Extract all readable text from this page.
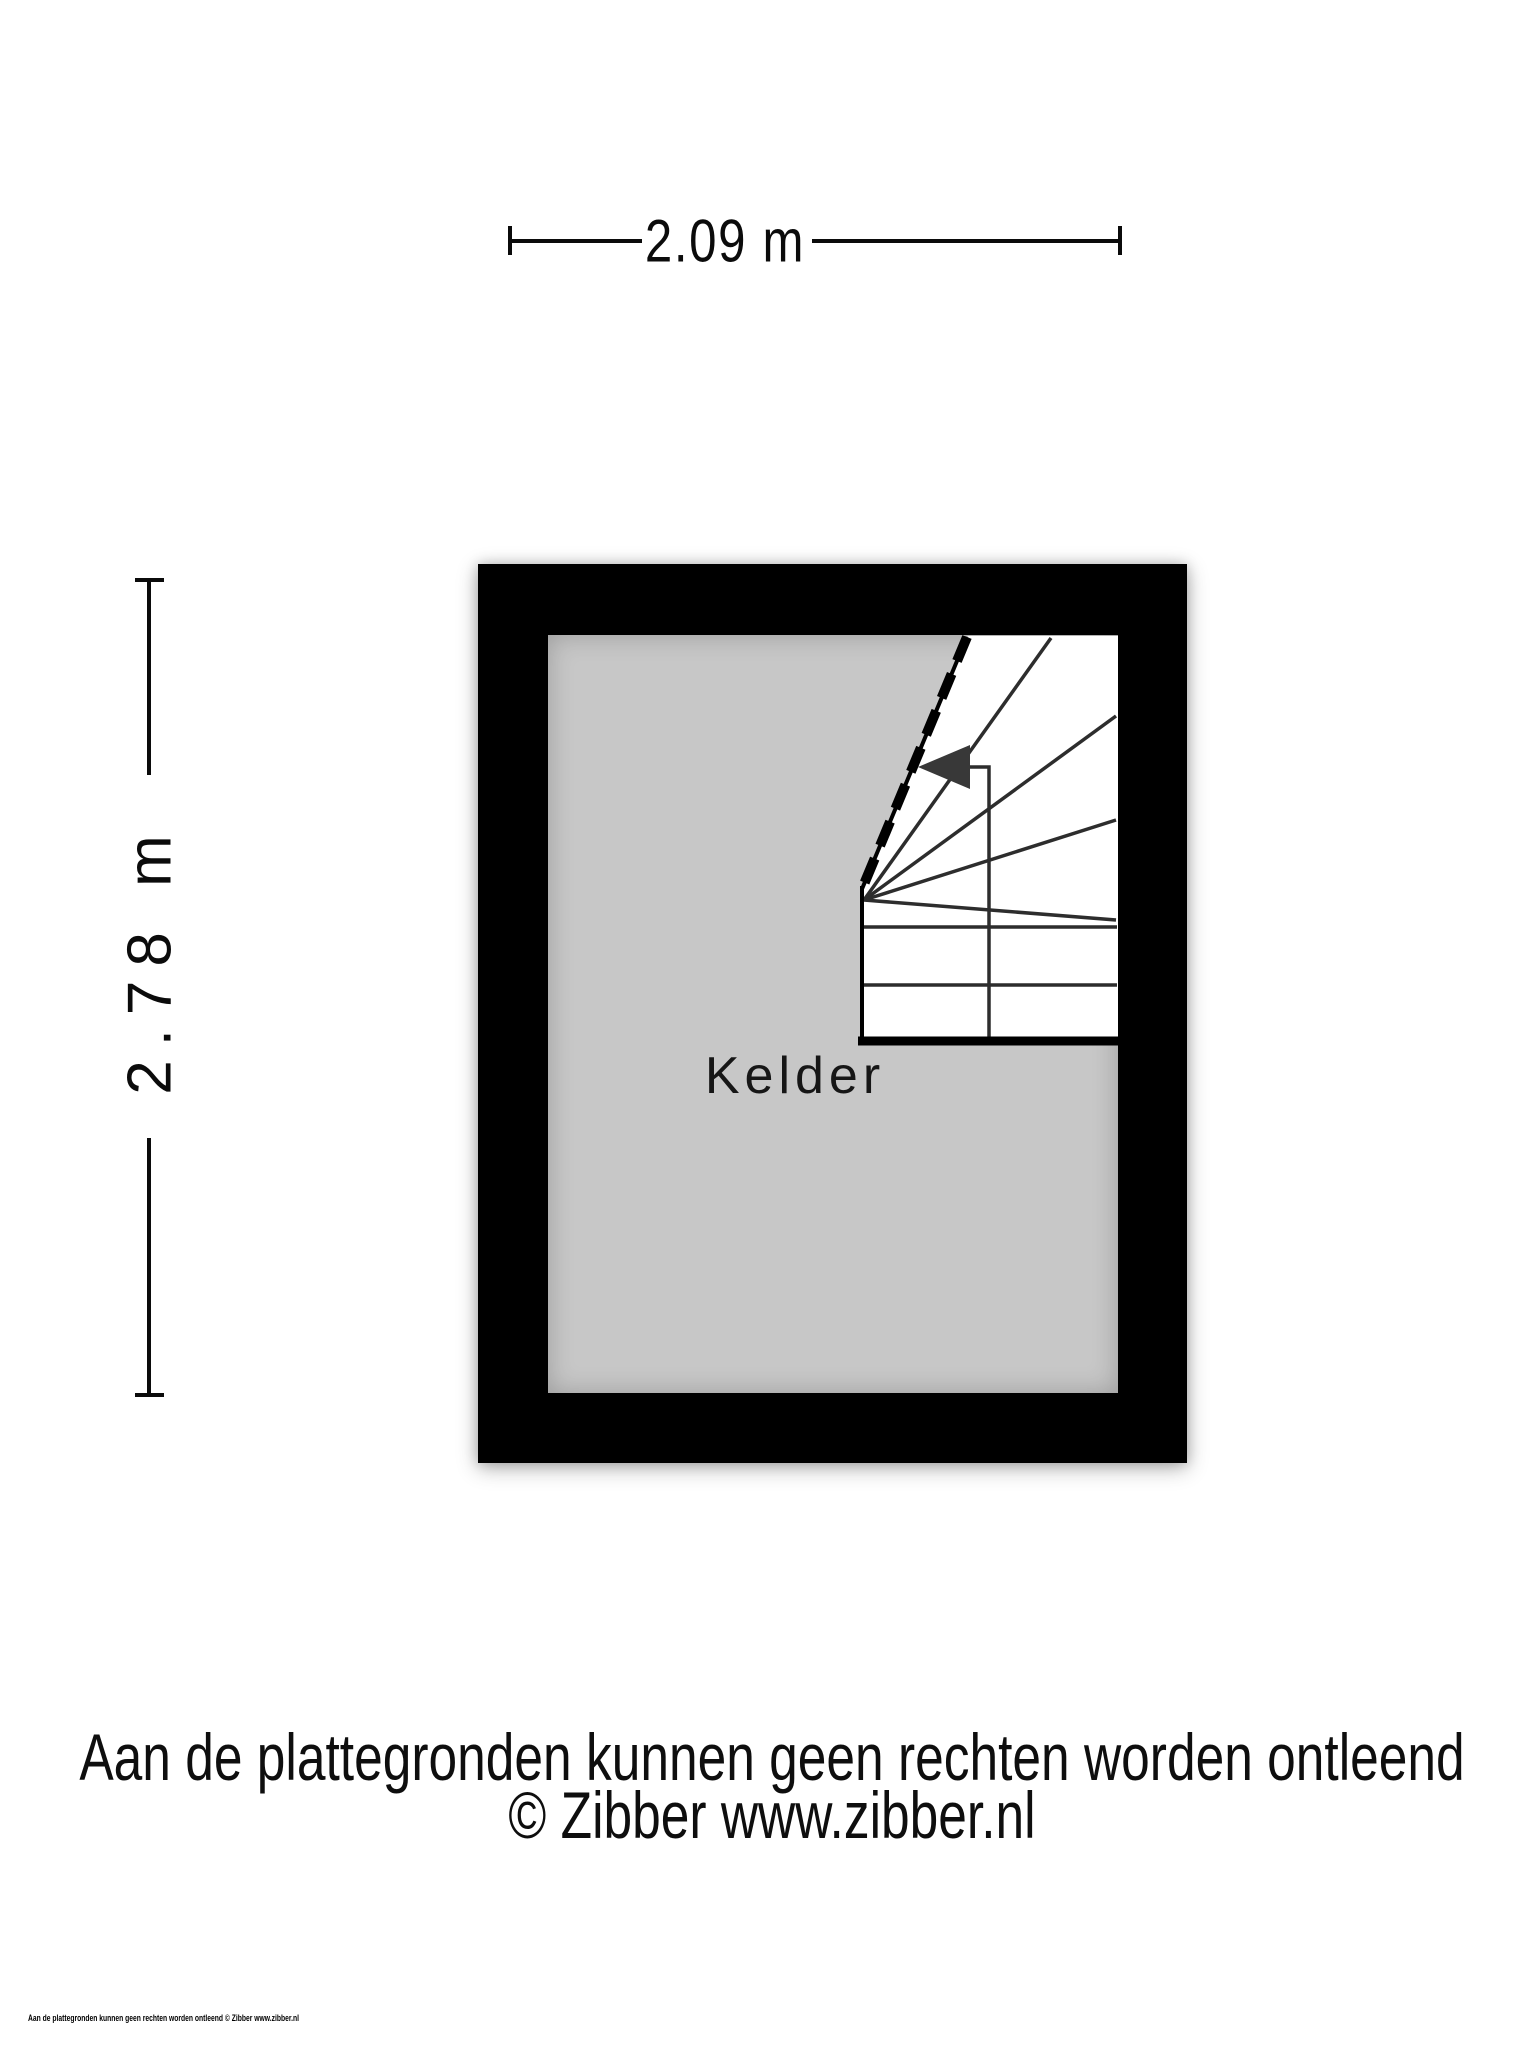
2.09 m
2.78 m	Kelder
Aan de plattegronden kunnen geen rechten worden ontleend
© Zibber www.zibber.nl
Aan de plattegronden kunnen geen rechten worden ontleend © Zibber www.zibber.nl
